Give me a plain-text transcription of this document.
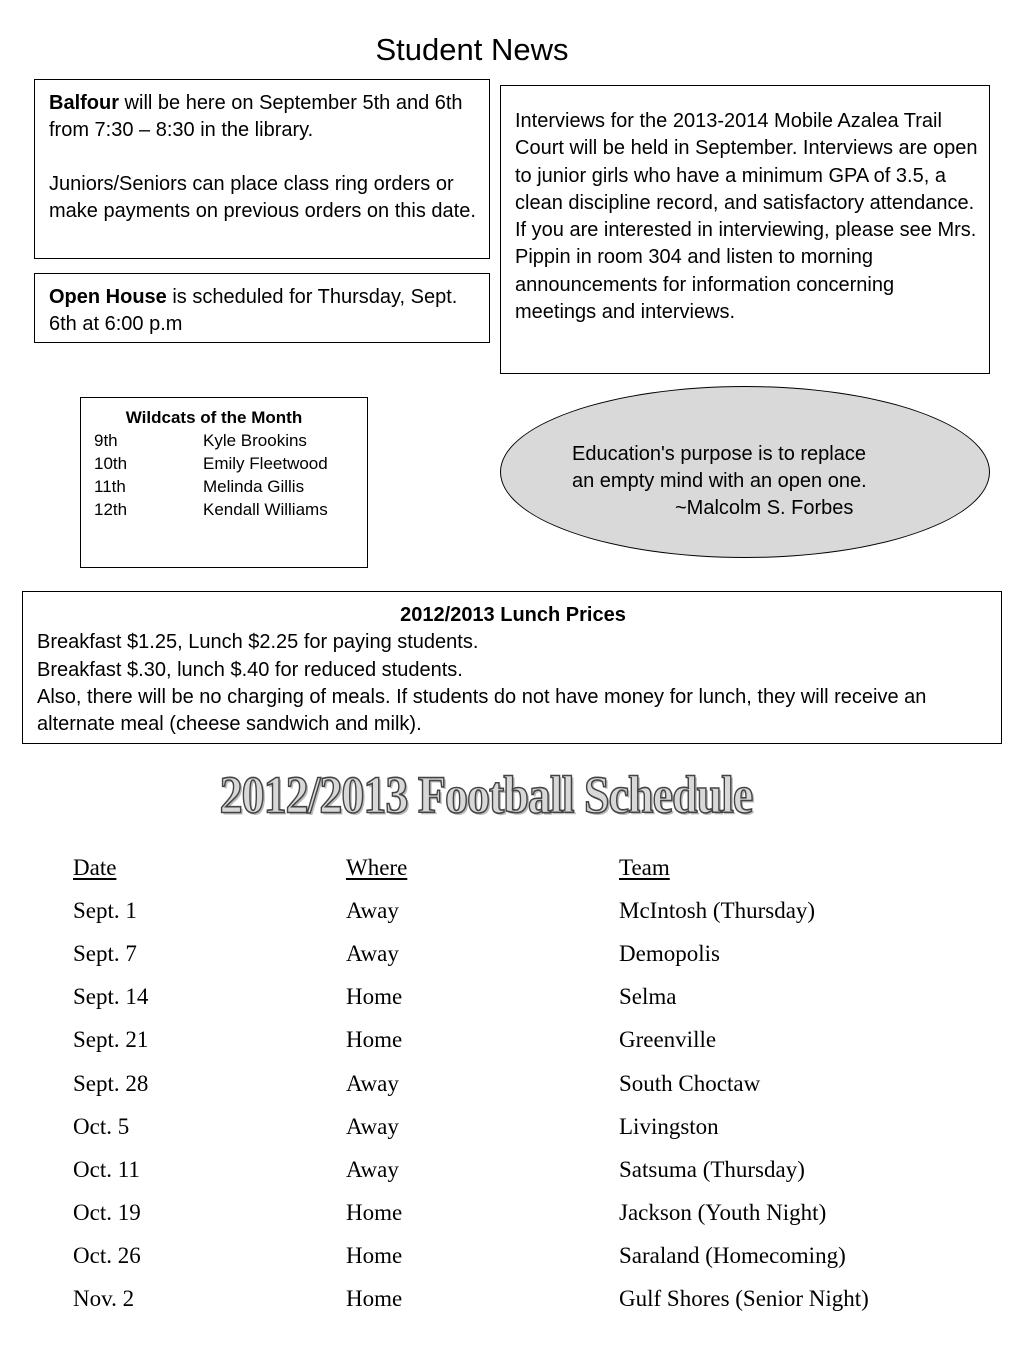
Student News

Balfour will be here on September 5th and 6th from 7:30 – 8:30 in the library.

Juniors/Seniors can place class ring orders or make payments on previous orders on this date.

Open House is scheduled for Thursday, Sept. 6th at 6:00 p.m

Interviews for the 2013-2014 Mobile Azalea Trail Court will be held in September. Interviews are open to junior girls who have a minimum GPA of 3.5, a clean discipline record, and satisfactory attendance. If you are interested in interviewing, please see Mrs. Pippin in room 304 and listen to morning announcements for information concerning meetings and interviews.

Wildcats of the Month
9th	Kyle Brookins
10th	Emily Fleetwood
11th	Melinda Gillis
12th	Kendall Williams
Education's purpose is to replace
an empty mind with an open one.
~Malcolm S. Forbes
2012/2013 Lunch Prices
Breakfast $1.25, Lunch $2.25 for paying students.
Breakfast $.30, lunch $.40 for reduced students.
Also, there will be no charging of meals. If students do not have money for lunch, they will receive an alternate meal (cheese sandwich and milk).
2012/2013 Football Schedule
Date	Where	Team
Sept. 1	Away	McIntosh (Thursday)
Sept. 7	Away	Demopolis
Sept. 14	Home	Selma
Sept. 21	Home	Greenville
Sept. 28	Away	South Choctaw
Oct. 5	Away	Livingston
Oct. 11	Away	Satsuma (Thursday)
Oct. 19	Home	Jackson (Youth Night)
Oct. 26	Home	Saraland (Homecoming)
Nov. 2	Home	Gulf Shores (Senior Night)
